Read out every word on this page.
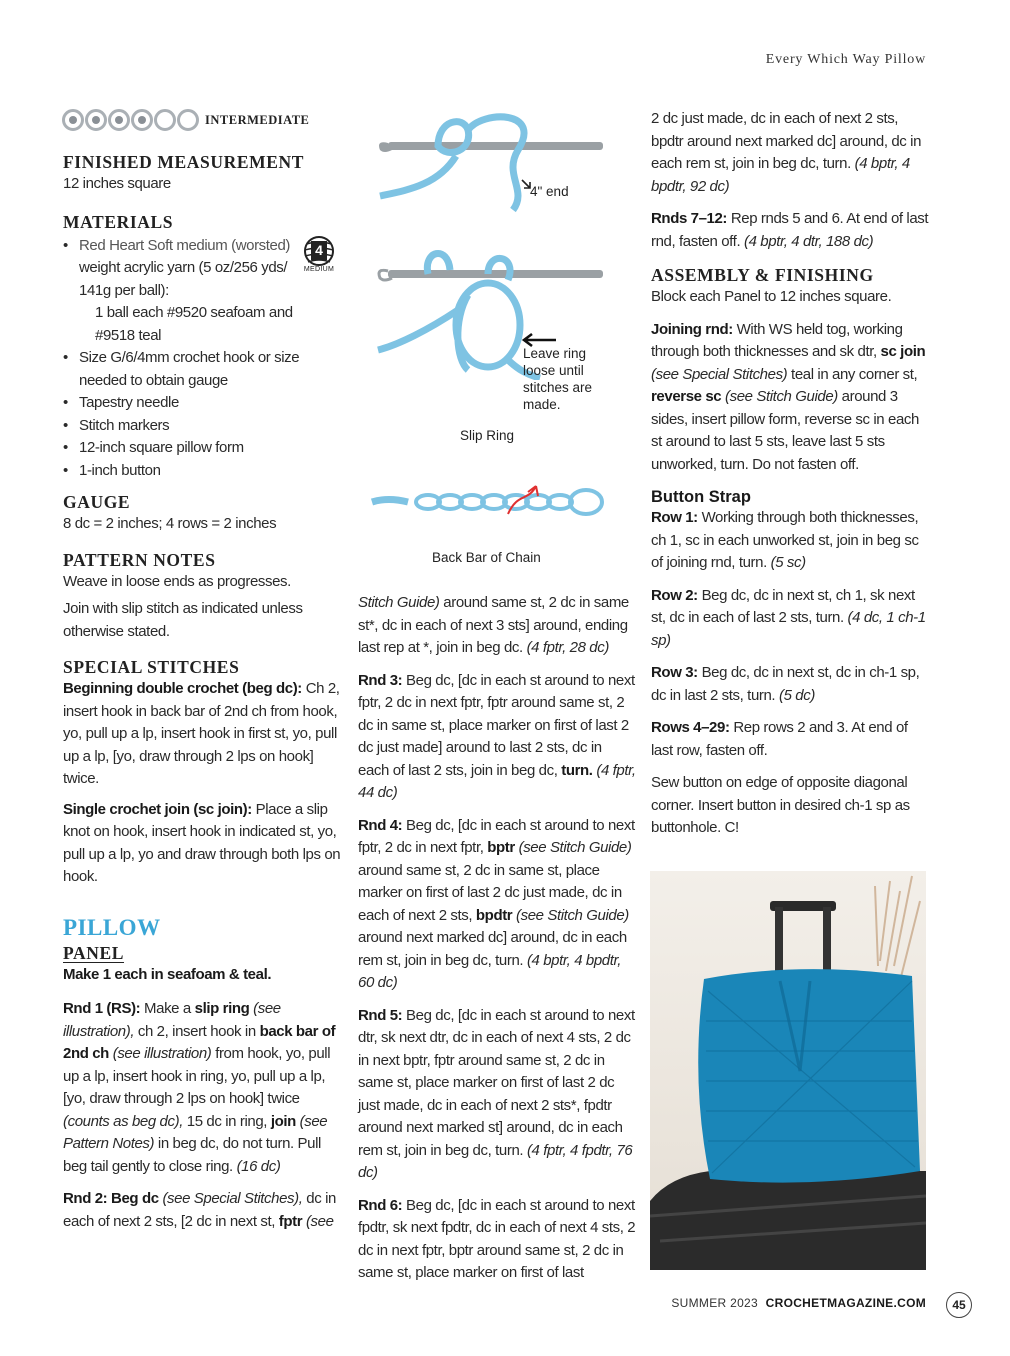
Every Which Way Pillow
INTERMEDIATE
FINISHED MEASUREMENT

12 inches square

MATERIALS
• Red Heart Soft medium (worsted)
weight acrylic yarn (5 oz/256 yds/
141g per ball):
1 ball each #9520 seafoam and
#9518 teal
• Size G/6/4mm crochet hook or size needed to obtain gauge
• Tapestry needle
• Stitch markers
• 12-inch square pillow form
• 1-inch button
GAUGE

8 dc = 2 inches; 4 rows = 2 inches

PATTERN NOTES

Weave in loose ends as progresses.

Join with slip stitch as indicated unless otherwise stated.

SPECIAL STITCHES

Beginning double crochet (beg dc): Ch 2, insert hook in back bar of 2nd ch from hook, yo, pull up a lp, insert hook in first st, yo, pull up a lp, [yo, draw through 2 lps on hook] twice.

Single crochet join (sc join): Place a slip knot on hook, insert hook in indicated st, yo, pull up a lp, yo and draw through both lps on hook.

PILLOW
PANEL

Make 1 each in seafoam & teal.

Rnd 1 (RS): Make a slip ring (see illustration), ch 2, insert hook in back bar of 2nd ch (see illustration) from hook, yo, pull up a lp, insert hook in ring, yo, pull up a lp, [yo, draw through 2 lps on hook] twice (counts as beg dc), 15 dc in ring, join (see Pattern Notes) in beg dc, do not turn. Pull beg tail gently to close ring. (16 dc)

Rnd 2: Beg dc (see Special Stitches), dc in each of next 2 sts, [2 dc in next st, fptr (see

4
MEDIUM
4" end
Leave ring loose until stitches are made.
Slip Ring
Back Bar of Chain

Stitch Guide) around same st, 2 dc in same st*, dc in each of next 3 sts] around, ending last rep at *, join in beg dc. (4 fptr, 28 dc)

Rnd 3: Beg dc, [dc in each st around to next fptr, 2 dc in next fptr, fptr around same st, 2 dc in same st, place marker on first of last 2 dc just made] around to last 2 sts, dc in each of last 2 sts, join in beg dc, turn. (4 fptr, 44 dc)

Rnd 4: Beg dc, [dc in each st around to next fptr, 2 dc in next fptr, bptr (see Stitch Guide) around same st, 2 dc in same st, place marker on first of last 2 dc just made, dc in each of next 2 sts, bpdtr (see Stitch Guide) around next marked dc] around, dc in each rem st, join in beg dc, turn. (4 bptr, 4 bpdtr, 60 dc)

Rnd 5: Beg dc, [dc in each st around to next dtr, sk next dtr, dc in each of next 4 sts, 2 dc in next bptr, fptr around same st, 2 dc in same st, place marker on first of last 2 dc just made, dc in each of next 2 sts*, fpdtr around next marked st] around, dc in each rem st, join in beg dc, turn. (4 fptr, 4 fpdtr, 76 dc)

Rnd 6: Beg dc, [dc in each st around to next fpdtr, sk next fpdtr, dc in each of next 4 sts, 2 dc in next fptr, bptr around same st, 2 dc in same st, place marker on first of last

2 dc just made, dc in each of next 2 sts, bpdtr around next marked dc] around, dc in each rem st, join in beg dc, turn. (4 bptr, 4 bpdtr, 92 dc)

Rnds 7–12: Rep rnds 5 and 6. At end of last rnd, fasten off. (4 bptr, 4 dtr, 188 dc)

ASSEMBLY & FINISHING

Block each Panel to 12 inches square.

Joining rnd: With WS held tog, working through both thicknesses and sk dtr, sc join (see Special Stitches) teal in any corner st, reverse sc (see Stitch Guide) around 3 sides, insert pillow form, reverse sc in each st around to last 5 sts, leave last 5 sts unworked, turn. Do not fasten off.

Button Strap

Row 1: Working through both thicknesses, ch 1, sc in each unworked st, join in beg sc of joining rnd, turn. (5 sc)

Row 2: Beg dc, dc in next st, ch 1, sk next st, dc in each of last 2 sts, turn. (4 dc, 1 ch-1 sp)

Row 3: Beg dc, dc in next st, dc in ch-1 sp, dc in last 2 sts, turn. (5 dc)

Rows 4–29: Rep rows 2 and 3. At end of last row, fasten off.

Sew button on edge of opposite diagonal corner. Insert button in desired ch-1 sp as buttonhole. C!

SUMMER 2023 CROCHETMAGAZINE.COM	45
